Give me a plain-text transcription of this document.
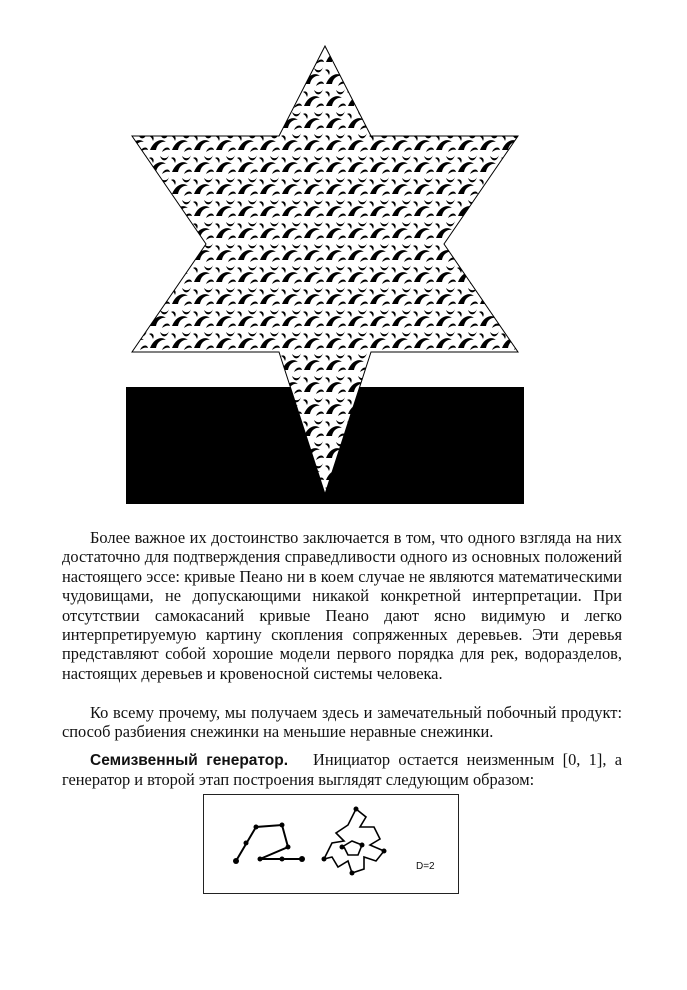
Более важное их достоинство заключается в том, что одного взгляда на них достаточно для подтверждения справедливости одного из основных положений настоящего эссе: кривые Пеано ни в коем случае не являются математическими чудовищами, не допускающими никакой конкретной интерпретации. При отсутствии самокасаний кривые Пеано дают ясно видимую и легко интерпретируемую картину скопления сопряженных деревьев. Эти деревья представляют собой хорошие модели первого порядка для рек, водоразделов, настоящих деревьев и кровеносной системы человека.

Ко всему прочему, мы получаем здесь и замечательный побочный продукт: способ разбиения снежинки на меньшие неравные снежинки.

Семизвенный генератор. Инициатор остается неизменным [0, 1], а генератор и второй этап построения выглядят следующим образом:

D=2
